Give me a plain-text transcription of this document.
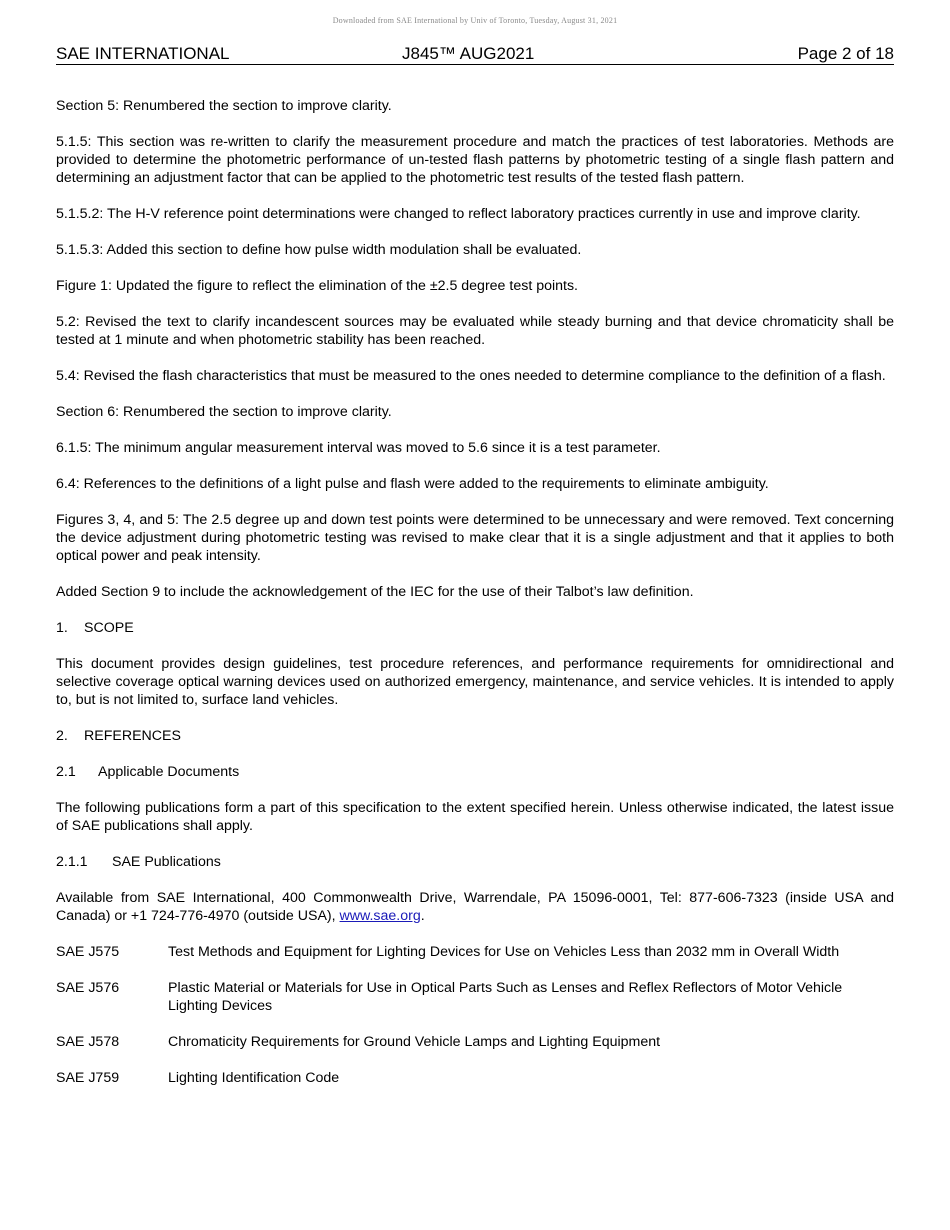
Downloaded from SAE International by Univ of Toronto, Tuesday, August 31, 2021
SAE INTERNATIONAL	J845™ AUG2021	Page 2 of 18

Section 5: Renumbered the section to improve clarity.

5.1.5: This section was re-written to clarify the measurement procedure and match the practices of test laboratories. Methods are provided to determine the photometric performance of un-tested flash patterns by photometric testing of a single flash pattern and determining an adjustment factor that can be applied to the photometric test results of the tested flash pattern.

5.1.5.2: The H-V reference point determinations were changed to reflect laboratory practices currently in use and improve clarity.

5.1.5.3: Added this section to define how pulse width modulation shall be evaluated.

Figure 1: Updated the figure to reflect the elimination of the ±2.5 degree test points.

5.2: Revised the text to clarify incandescent sources may be evaluated while steady burning and that device chromaticity shall be tested at 1 minute and when photometric stability has been reached.

5.4: Revised the flash characteristics that must be measured to the ones needed to determine compliance to the definition of a flash.

Section 6: Renumbered the section to improve clarity.

6.1.5: The minimum angular measurement interval was moved to 5.6 since it is a test parameter.

6.4: References to the definitions of a light pulse and flash were added to the requirements to eliminate ambiguity.

Figures 3, 4, and 5: The 2.5 degree up and down test points were determined to be unnecessary and were removed. Text concerning the device adjustment during photometric testing was revised to make clear that it is a single adjustment and that it applies to both optical power and peak intensity.

Added Section 9 to include the acknowledgement of the IEC for the use of their Talbot’s law definition.

1. SCOPE

This document provides design guidelines, test procedure references, and performance requirements for omnidirectional and selective coverage optical warning devices used on authorized emergency, maintenance, and service vehicles. It is intended to apply to, but is not limited to, surface land vehicles.

2. REFERENCES
2.1 Applicable Documents

The following publications form a part of this specification to the extent specified herein. Unless otherwise indicated, the latest issue of SAE publications shall apply.

2.1.1 SAE Publications

Available from SAE International, 400 Commonwealth Drive, Warrendale, PA 15096-0001, Tel: 877-606-7323 (inside USA and Canada) or +1 724-776-4970 (outside USA), www.sae.org.

SAE J575	Test Methods and Equipment for Lighting Devices for Use on Vehicles Less than 2032 mm in Overall Width
SAE J576	Plastic Material or Materials for Use in Optical Parts Such as Lenses and Reflex Reflectors of Motor Vehicle Lighting Devices
SAE J578	Chromaticity Requirements for Ground Vehicle Lamps and Lighting Equipment
SAE J759	Lighting Identification Code
